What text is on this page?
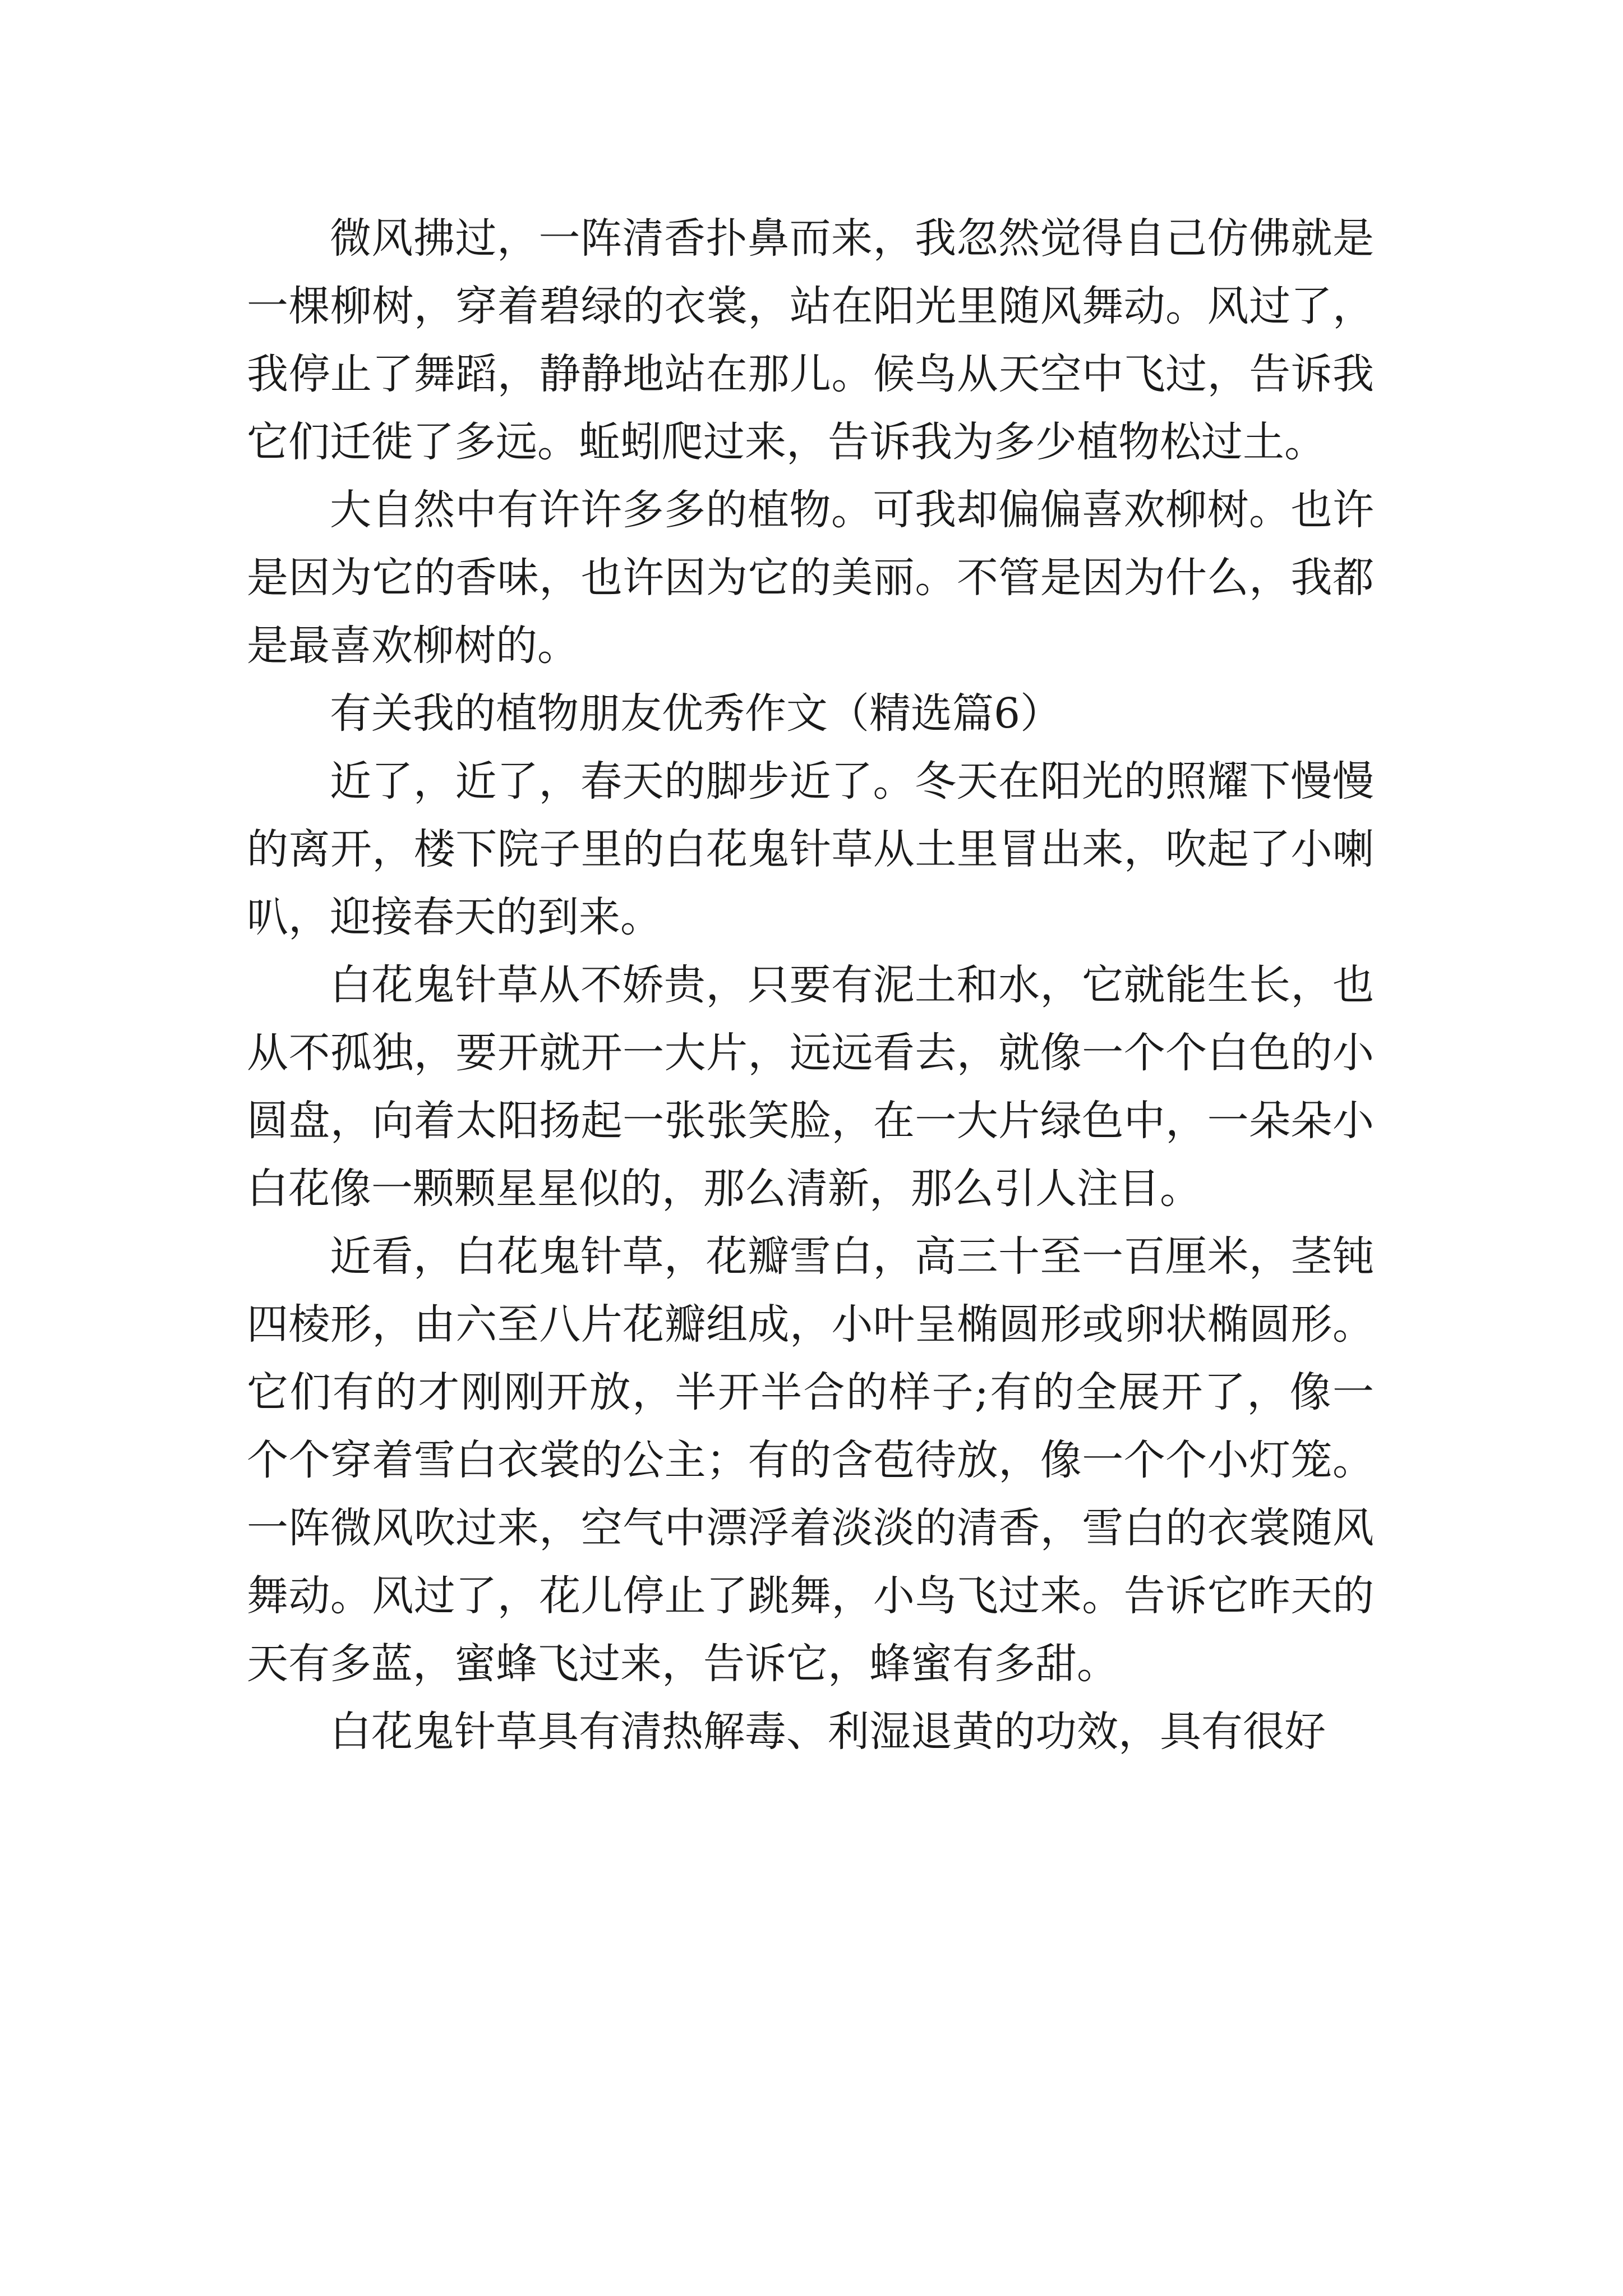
微风拂过，一阵清香扑鼻而来，我忽然觉得自己仿佛就是一棵柳树，穿着碧绿的衣裳，站在阳光里随风舞动。风过了，我停止了舞蹈，静静地站在那儿。候鸟从天空中飞过，告诉我它们迁徙了多远。蚯蚓爬过来，告诉我为多少植物松过土。

大自然中有许许多多的植物。可我却偏偏喜欢柳树。也许是因为它的香味，也许因为它的美丽。不管是因为什么，我都是最喜欢柳树的。

有关我的植物朋友优秀作文（精选篇6）

近了，近了，春天的脚步近了。冬天在阳光的照耀下慢慢的离开，楼下院子里的白花鬼针草从土里冒出来，吹起了小喇叭，迎接春天的到来。

白花鬼针草从不娇贵，只要有泥土和水，它就能生长，也从不孤独，要开就开一大片，远远看去，就像一个个白色的小圆盘，向着太阳扬起一张张笑脸，在一大片绿色中，一朵朵小白花像一颗颗星星似的，那么清新，那么引人注目。

近看，白花鬼针草，花瓣雪白，高三十至一百厘米，茎钝四棱形，由六至八片花瓣组成，小叶呈椭圆形或卵状椭圆形。它们有的才刚刚开放，半开半合的样子;有的全展开了，像一个个穿着雪白衣裳的公主；有的含苞待放，像一个个小灯笼。一阵微风吹过来，空气中漂浮着淡淡的清香，雪白的衣裳随风舞动。风过了，花儿停止了跳舞，小鸟飞过来。告诉它昨天的天有多蓝，蜜蜂飞过来，告诉它，蜂蜜有多甜。

白花鬼针草具有清热解毒、利湿退黄的功效，具有很好
